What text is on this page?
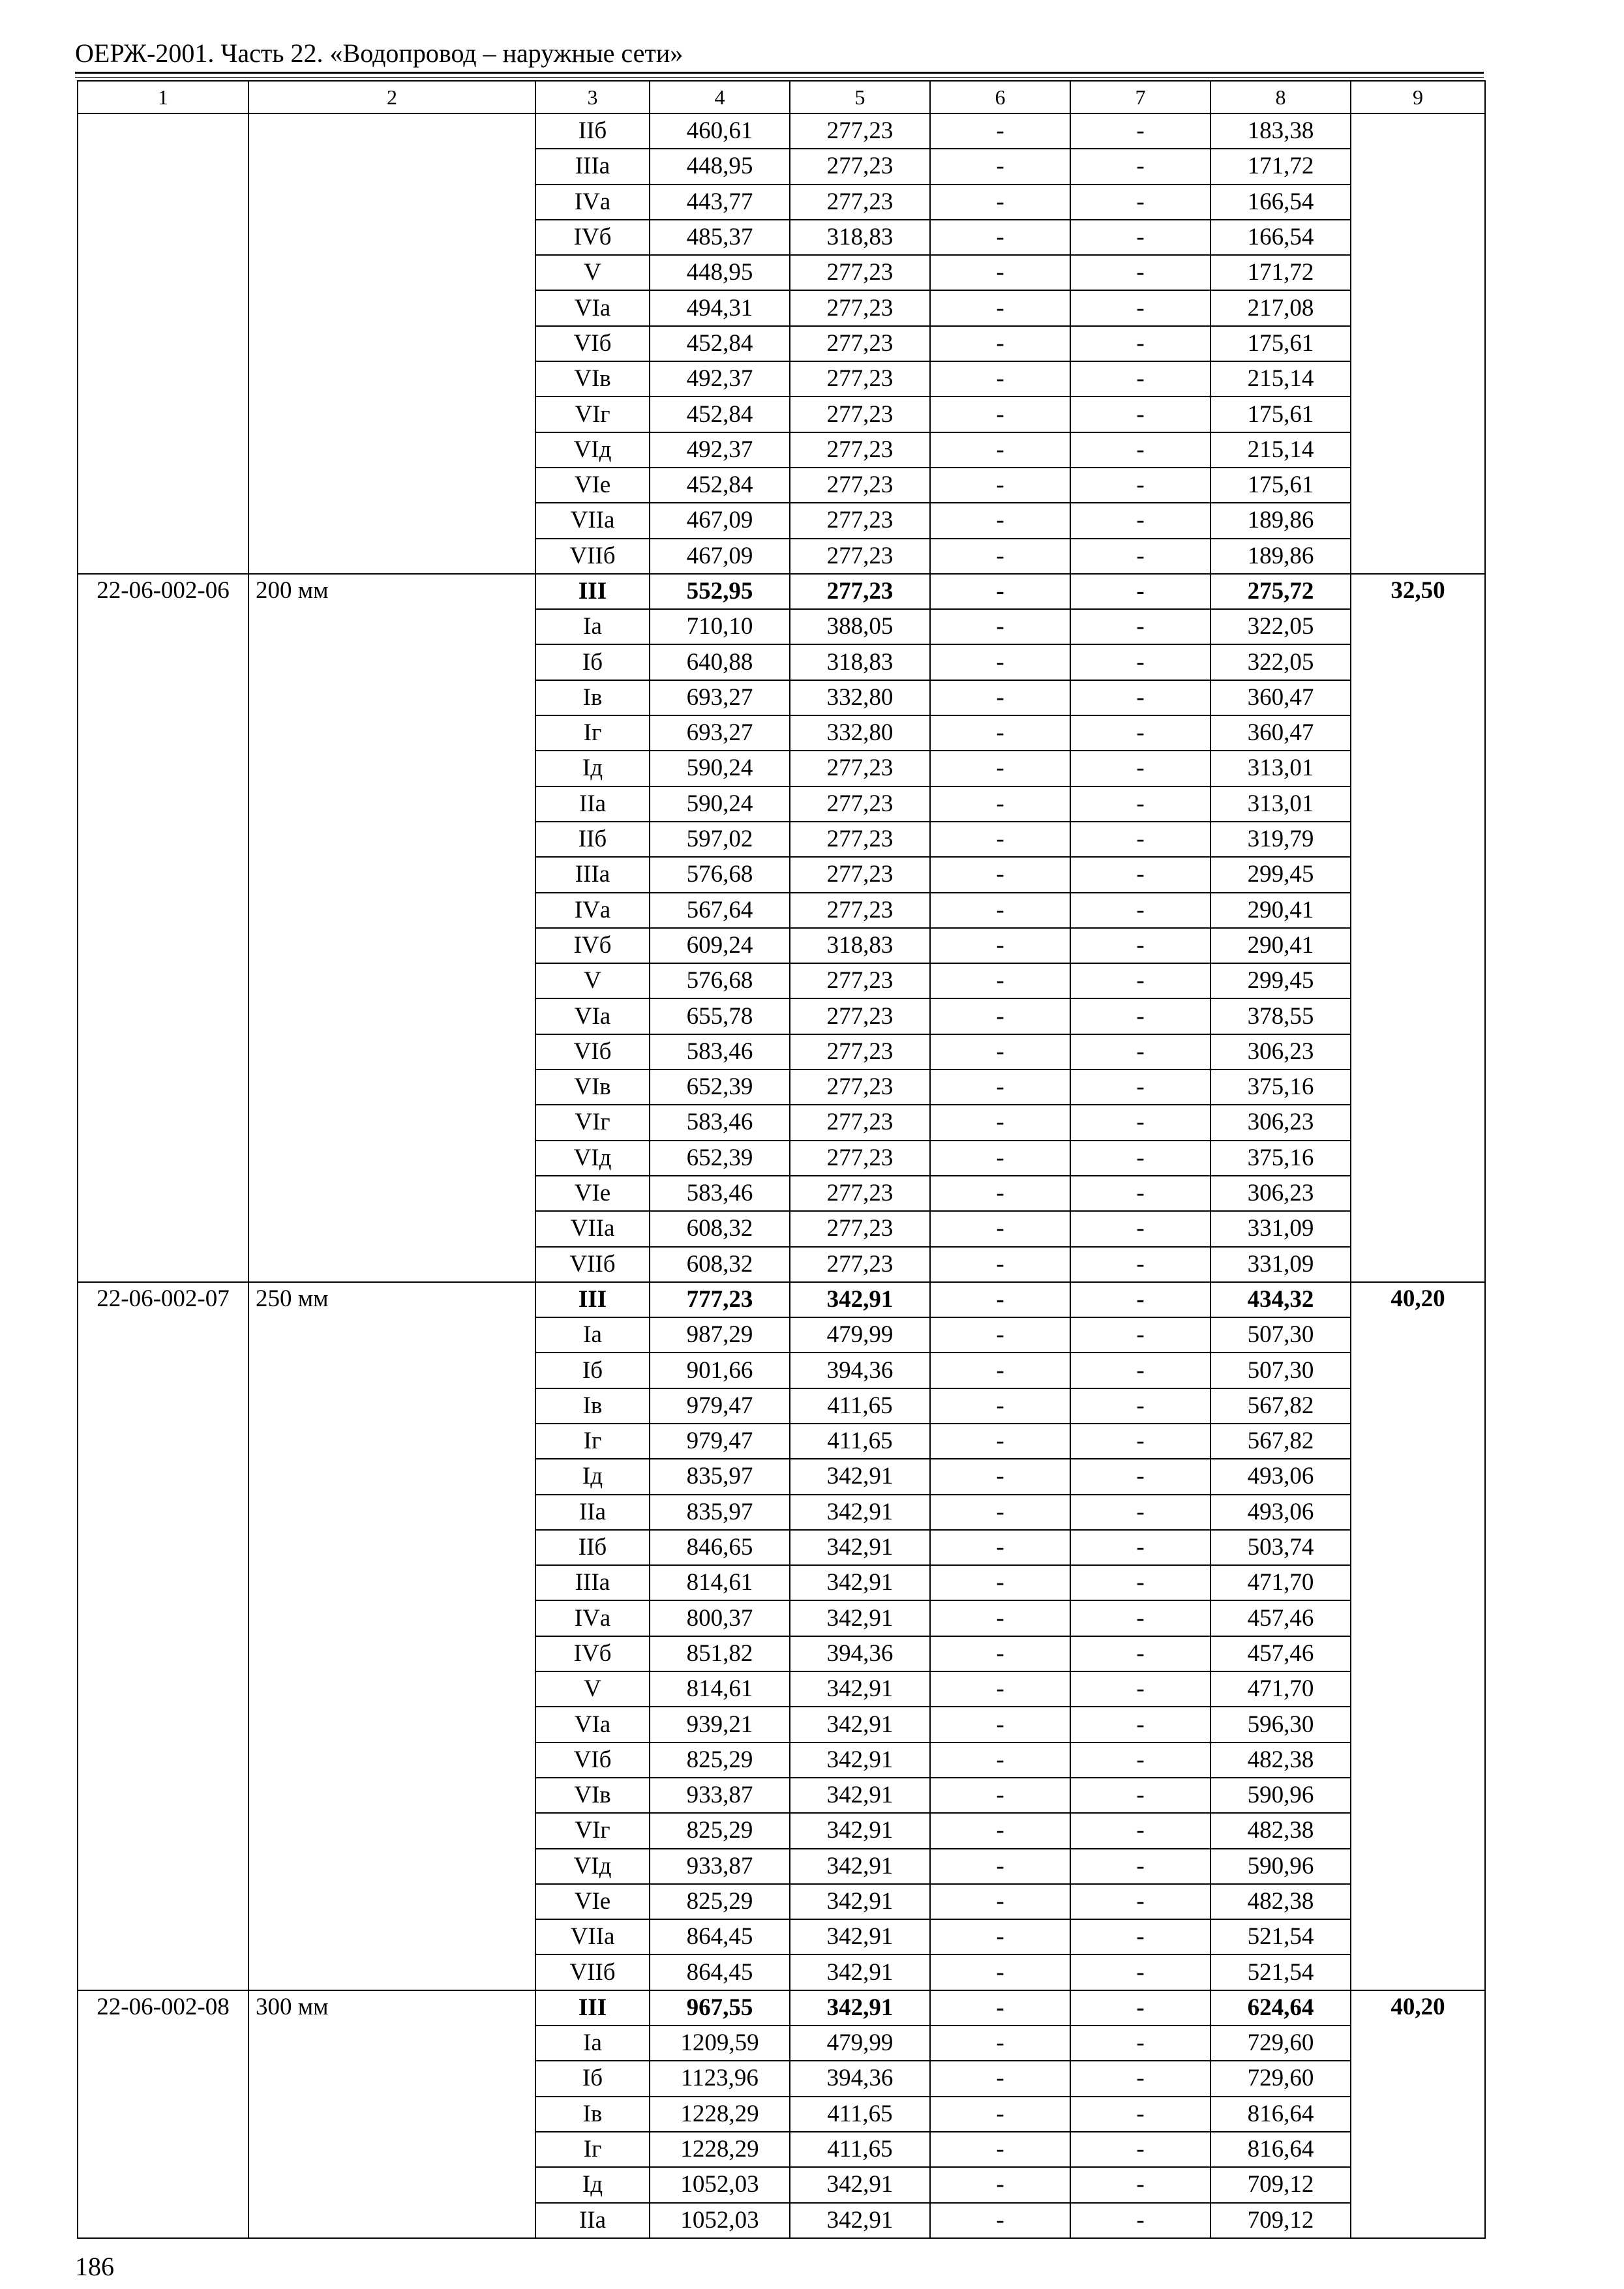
ОЕРЖ-2001. Часть 22. «Водопровод – наружные сети»
1	2	3	4	5	6	7	8	9
		IIб	460,61	277,23	-	-	183,38	
		IIIа	448,95	277,23	-	-	171,72	
		IVа	443,77	277,23	-	-	166,54	
		IVб	485,37	318,83	-	-	166,54	
		V	448,95	277,23	-	-	171,72	
		VIа	494,31	277,23	-	-	217,08	
		VIб	452,84	277,23	-	-	175,61	
		VIв	492,37	277,23	-	-	215,14	
		VIг	452,84	277,23	-	-	175,61	
		VIд	492,37	277,23	-	-	215,14	
		VIе	452,84	277,23	-	-	175,61	
		VIIа	467,09	277,23	-	-	189,86	
		VIIб	467,09	277,23	-	-	189,86	
22-06-002-06	200 мм	III	552,95	277,23	-	-	275,72	32,50
		Iа	710,10	388,05	-	-	322,05	
		Iб	640,88	318,83	-	-	322,05	
		Iв	693,27	332,80	-	-	360,47	
		Iг	693,27	332,80	-	-	360,47	
		Iд	590,24	277,23	-	-	313,01	
		IIа	590,24	277,23	-	-	313,01	
		IIб	597,02	277,23	-	-	319,79	
		IIIа	576,68	277,23	-	-	299,45	
		IVа	567,64	277,23	-	-	290,41	
		IVб	609,24	318,83	-	-	290,41	
		V	576,68	277,23	-	-	299,45	
		VIа	655,78	277,23	-	-	378,55	
		VIб	583,46	277,23	-	-	306,23	
		VIв	652,39	277,23	-	-	375,16	
		VIг	583,46	277,23	-	-	306,23	
		VIд	652,39	277,23	-	-	375,16	
		VIе	583,46	277,23	-	-	306,23	
		VIIа	608,32	277,23	-	-	331,09	
		VIIб	608,32	277,23	-	-	331,09	
22-06-002-07	250 мм	III	777,23	342,91	-	-	434,32	40,20
		Iа	987,29	479,99	-	-	507,30	
		Iб	901,66	394,36	-	-	507,30	
		Iв	979,47	411,65	-	-	567,82	
		Iг	979,47	411,65	-	-	567,82	
		Iд	835,97	342,91	-	-	493,06	
		IIа	835,97	342,91	-	-	493,06	
		IIб	846,65	342,91	-	-	503,74	
		IIIа	814,61	342,91	-	-	471,70	
		IVа	800,37	342,91	-	-	457,46	
		IVб	851,82	394,36	-	-	457,46	
		V	814,61	342,91	-	-	471,70	
		VIа	939,21	342,91	-	-	596,30	
		VIб	825,29	342,91	-	-	482,38	
		VIв	933,87	342,91	-	-	590,96	
		VIг	825,29	342,91	-	-	482,38	
		VIд	933,87	342,91	-	-	590,96	
		VIе	825,29	342,91	-	-	482,38	
		VIIа	864,45	342,91	-	-	521,54	
		VIIб	864,45	342,91	-	-	521,54	
22-06-002-08	300 мм	III	967,55	342,91	-	-	624,64	40,20
		Iа	1209,59	479,99	-	-	729,60	
		Iб	1123,96	394,36	-	-	729,60	
		Iв	1228,29	411,65	-	-	816,64	
		Iг	1228,29	411,65	-	-	816,64	
		Iд	1052,03	342,91	-	-	709,12	
		IIа	1052,03	342,91	-	-	709,12	
186
